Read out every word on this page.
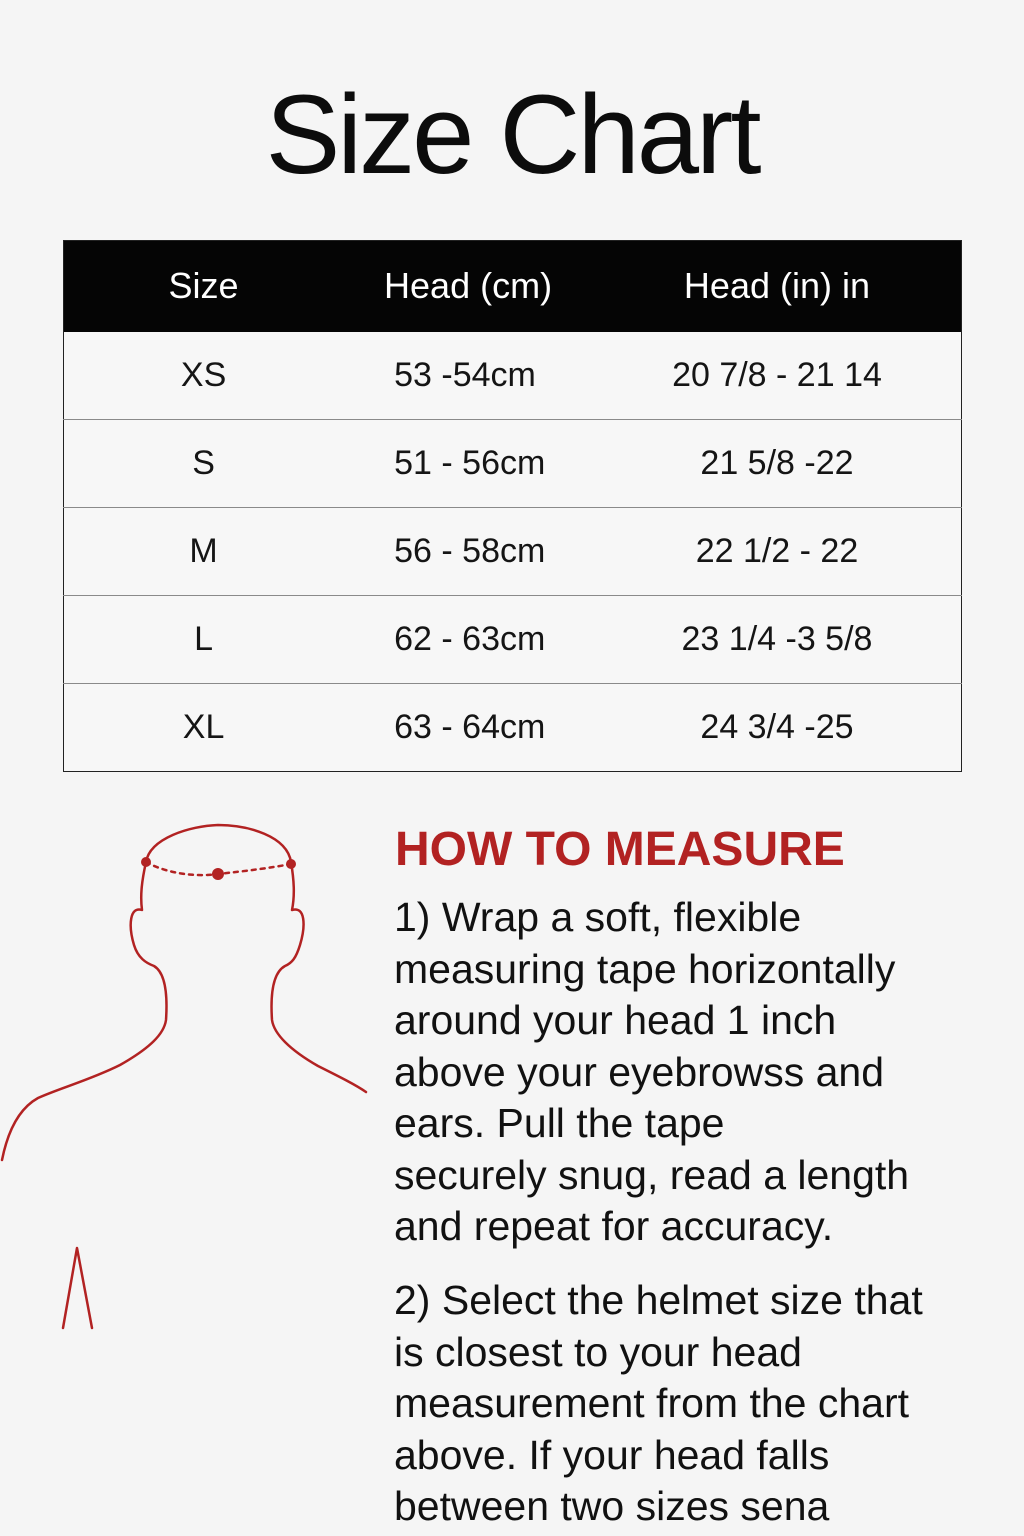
Size Chart
Size	Head (cm)	Head (in) in
XS	53 -54cm	20 7/8 - 21 14
S	51 - 56cm	21 5/8 -22
M	56 - 58cm	22 1/2 - 22
L	62 - 63cm	23 1/4 -3 5/8
XL	63 - 64cm	24 3/4 -25
HOW TO MEASURE
1) Wrap a soft, flexible
measuring tape horizontally
around your head 1 inch
above your eyebrowss and
ears. Pull the tape
securely snug, read a length
and repeat for accuracy.
2) Select the helmet size that
is closest to your head
measurement from the chart
above. If your head falls
between two sizes sena
